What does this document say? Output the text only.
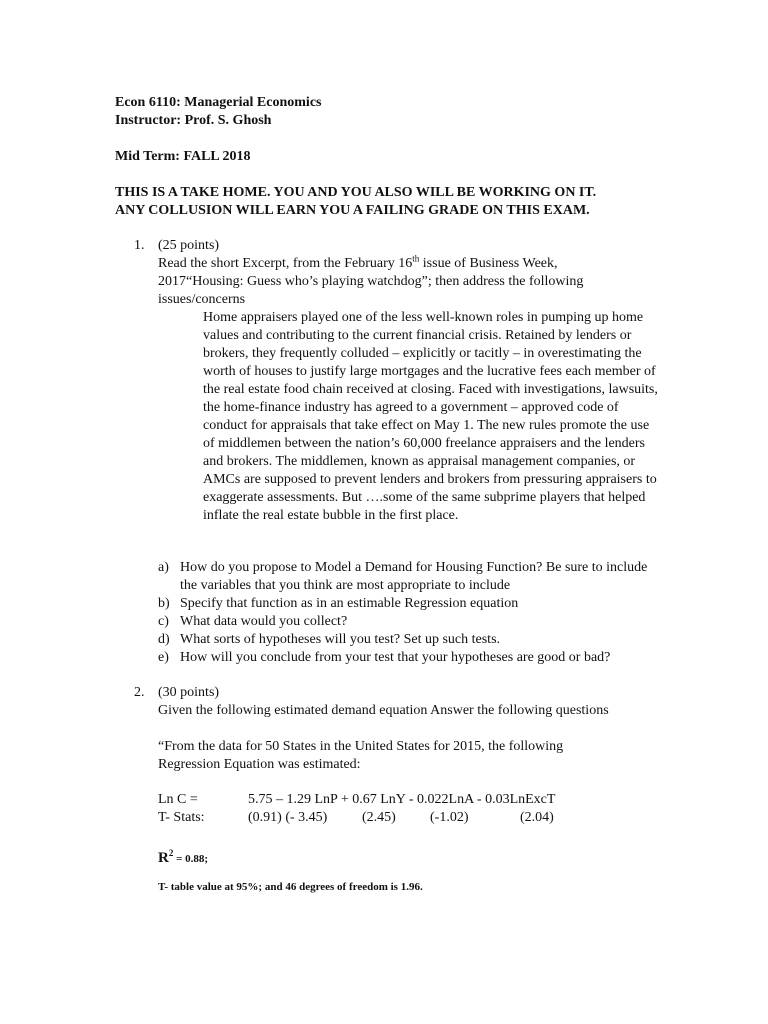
Econ 6110: Managerial Economics
Instructor: Prof. S. Ghosh
Mid Term: FALL 2018
THIS IS A TAKE HOME. YOU AND YOU ALSO WILL BE WORKING ON IT.
ANY COLLUSION WILL EARN YOU A FAILING GRADE ON THIS EXAM.
1. (25 points)
Read the short Excerpt, from the February 16th issue of Business Week,
2017“Housing: Guess who’s playing watchdog”; then address the following
issues/concerns
Home appraisers played one of the less well-known roles in pumping up home values and contributing to the current financial crisis. Retained by lenders or brokers, they frequently colluded – explicitly or tacitly – in overestimating the worth of houses to justify large mortgages and the lucrative fees each member of the real estate food chain received at closing. Faced with investigations, lawsuits, the home-finance industry has agreed to a government – approved code of conduct for appraisals that take effect on May 1. The new rules promote the use of middlemen between the nation’s 60,000 freelance appraisers and the lenders and brokers. The middlemen, known as appraisal management companies, or AMCs are supposed to prevent lenders and brokers from pressuring appraisers to exaggerate assessments. But ….some of the same subprime players that helped inflate the real estate bubble in the first place.
a) How do you propose to Model a Demand for Housing Function? Be sure to include the variables that you think are most appropriate to include
b) Specify that function as in an estimable Regression equation
c) What data would you collect?
d) What sorts of hypotheses will you test? Set up such tests.
e) How will you conclude from your test that your hypotheses are good or bad?
2. (30 points)
Given the following estimated demand equation Answer the following questions
“From the data for 50 States in the United States for 2015, the following
Regression Equation was estimated:
Ln C =	5.75 – 1.29 LnP + 0.67 LnY - 0.022LnA - 0.03LnExcT
T- Stats:	(0.91) (- 3.45) (2.45) (-1.02)	(2.04)
$R^2 = 0.88$;
T- table value at 95%; and 46 degrees of freedom is 1.96.
